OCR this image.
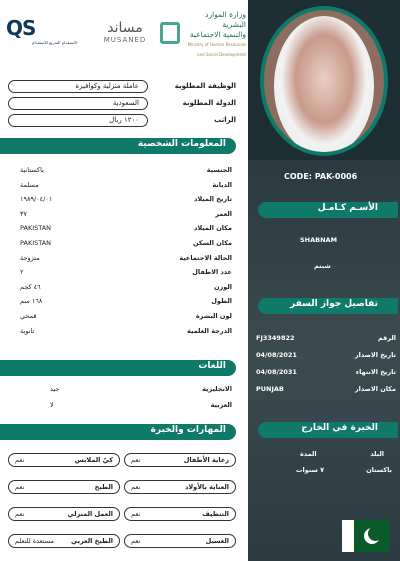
QS
الاستقدام السريع للاستقدام
مساند
MUSANED
وزارة الموارد البشرية
والتنمية الاجتماعية
Ministry of Human Resources and Social Development
عاملة منزلية وكوافيرة	الوظيفة المطلوبة
السعودية	الدولة المطلوبة
١٢٠٠ ريال	الراتب
المعلومات الشخصية
باكستانية	الجنسية
مسلمة	الديانة
١٩٨٩/٠٤/٠١	تاريخ الميلاد
٣٧	العمر
PAKISTAN	مكان الميلاد
PAKISTAN	مكان السكن
متزوجة	الحالة الاجتماعية
٢	عدد الاطفال
٤٦ كجم	الوزن
١٦٨ سم	الطول
قمحي	لون البشرة
ثانوية	الدرجة العلمية
اللغات
جيد	الانجليزية
لا	العربية
المهارات والخبرة
نعم	رعاية الأطفال
نعم	كيّ الملابس
نعم	العناية بالأولاد
نعم	الطبخ
نعم	التنظيف
نعم	العمل المنزلي
نعم	الغسيل
مستعدة للتعلم	الطبخ العربي
CODE: PAK-0006
الأسـم كـامـل
SHABNAM
شبنم
تفاصيل جواز السفر
FJ3349822	الرقم
04/08/2021	تاريخ الاصدار
04/08/2031	تاريخ الانتهاء
PUNJAB	مكان الاصدار
الخبرة في الخارج
المدة	البلد
٧ سنوات	باكستان
